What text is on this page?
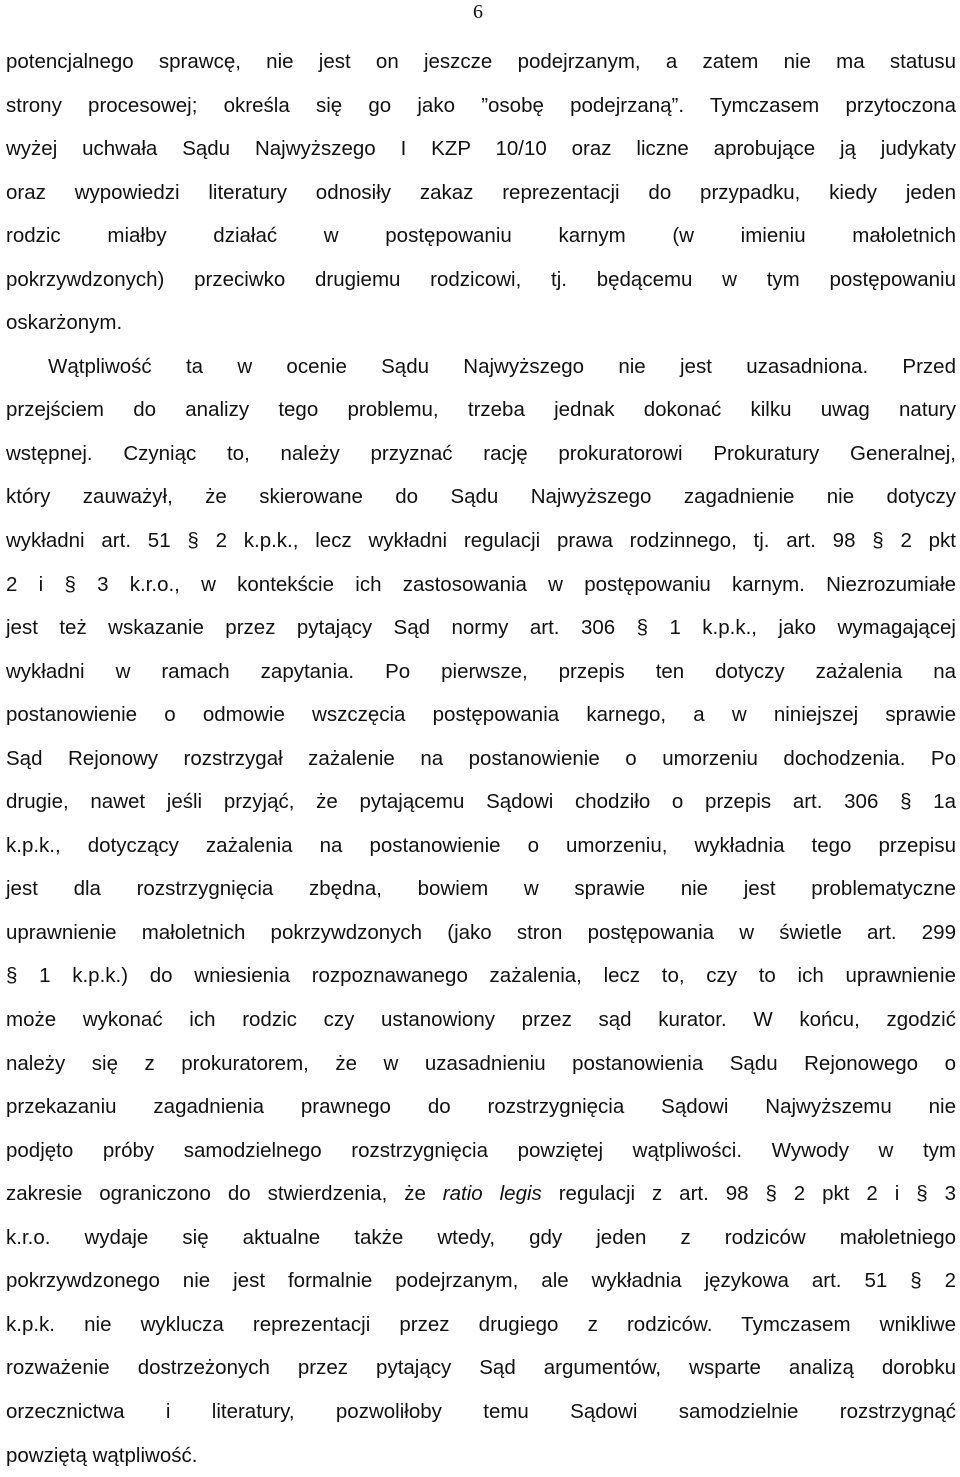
6
potencjalnego sprawcę, nie jest on jeszcze podejrzanym, a zatem nie ma statusu
strony procesowej; określa się go jako ”osobę podejrzaną”. Tymczasem przytoczona
wyżej uchwała Sądu Najwyższego I KZP 10/10 oraz liczne aprobujące ją judykaty
oraz wypowiedzi literatury odnosiły zakaz reprezentacji do przypadku, kiedy jeden
rodzic miałby działać w postępowaniu karnym (w imieniu małoletnich
pokrzywdzonych) przeciwko drugiemu rodzicowi, tj. będącemu w tym postępowaniu
oskarżonym.
Wątpliwość ta w ocenie Sądu Najwyższego nie jest uzasadniona. Przed
przejściem do analizy tego problemu, trzeba jednak dokonać kilku uwag natury
wstępnej. Czyniąc to, należy przyznać rację prokuratorowi Prokuratury Generalnej,
który zauważył, że skierowane do Sądu Najwyższego zagadnienie nie dotyczy
wykładni art. 51 § 2 k.p.k., lecz wykładni regulacji prawa rodzinnego, tj. art. 98 § 2 pkt
2 i § 3 k.r.o., w kontekście ich zastosowania w postępowaniu karnym. Niezrozumiałe
jest też wskazanie przez pytający Sąd normy art. 306 § 1 k.p.k., jako wymagającej
wykładni w ramach zapytania. Po pierwsze, przepis ten dotyczy zażalenia na
postanowienie o odmowie wszczęcia postępowania karnego, a w niniejszej sprawie
Sąd Rejonowy rozstrzygał zażalenie na postanowienie o umorzeniu dochodzenia. Po
drugie, nawet jeśli przyjąć, że pytającemu Sądowi chodziło o przepis art. 306 § 1a
k.p.k., dotyczący zażalenia na postanowienie o umorzeniu, wykładnia tego przepisu
jest dla rozstrzygnięcia zbędna, bowiem w sprawie nie jest problematyczne
uprawnienie małoletnich pokrzywdzonych (jako stron postępowania w świetle art. 299
§ 1 k.p.k.) do wniesienia rozpoznawanego zażalenia, lecz to, czy to ich uprawnienie
może wykonać ich rodzic czy ustanowiony przez sąd kurator. W końcu, zgodzić
należy się z prokuratorem, że w uzasadnieniu postanowienia Sądu Rejonowego o
przekazaniu zagadnienia prawnego do rozstrzygnięcia Sądowi Najwyższemu nie
podjęto próby samodzielnego rozstrzygnięcia powziętej wątpliwości. Wywody w tym
zakresie ograniczono do stwierdzenia, że ratio legis regulacji z art. 98 § 2 pkt 2 i § 3
k.r.o. wydaje się aktualne także wtedy, gdy jeden z rodziców małoletniego
pokrzywdzonego nie jest formalnie podejrzanym, ale wykładnia językowa art. 51 § 2
k.p.k. nie wyklucza reprezentacji przez drugiego z rodziców. Tymczasem wnikliwe
rozważenie dostrzeżonych przez pytający Sąd argumentów, wsparte analizą dorobku
orzecznictwa i literatury, pozwoliłoby temu Sądowi samodzielnie rozstrzygnąć
powziętą wątpliwość.
